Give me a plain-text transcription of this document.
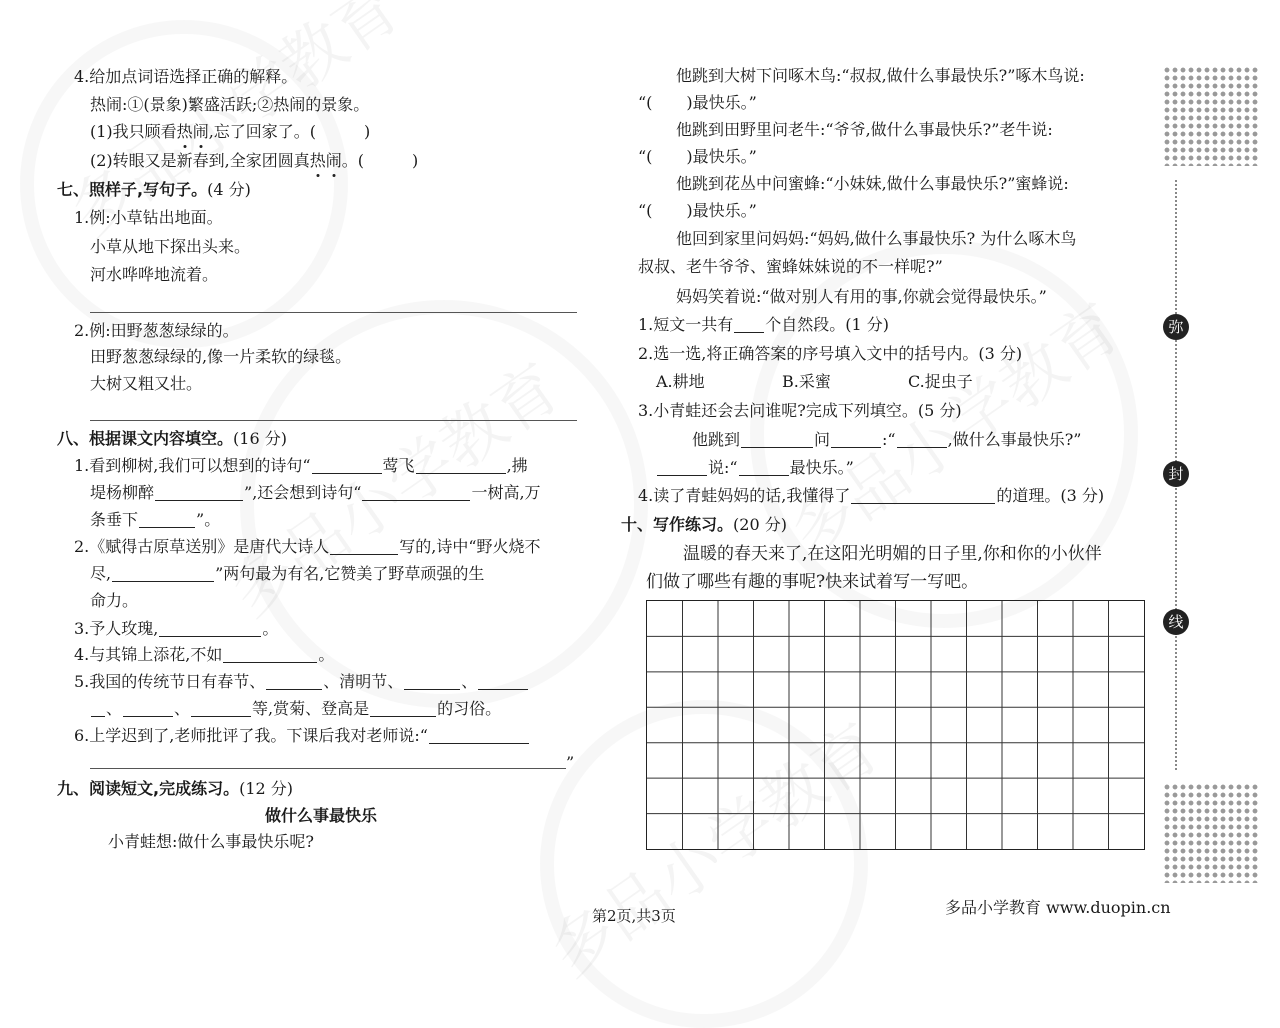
4.给加点词语选择正确的解释。
热闹:①(景象)繁盛活跃;②热闹的景象。
(1)我只顾看热闹,忘了回家了。(	)
(2)转眼又是新春到,全家团圆真热闹。(	)
七、照样子,写句子。(4 分)
1.例:小草钻出地面。
小草从地下探出头来。
河水哗哗地流着。
2.例:田野葱葱绿绿的。
田野葱葱绿绿的,像一片柔软的绿毯。
大树又粗又壮。
八、根据课文内容填空。(16 分)
1.看到柳树,我们可以想到的诗句“	莺飞	,拂
堤杨柳醉	”,还会想到诗句“	一树高,万
条垂下	”。
2.《赋得古原草送别》是唐代大诗人	写的,诗中“野火烧不
尽,	”两句最为有名,它赞美了野草顽强的生
命力。
3.予人玫瑰,	。
4.与其锦上添花,不如	。
5.我国的传统节日有春节、	、清明节、	、
、	、	等,赏菊、登高是	的习俗。
6.上学迟到了,老师批评了我。下课后我对老师说:“
”
九、阅读短文,完成练习。(12 分)
做什么事最快乐
小青蛙想:做什么事最快乐呢?
他跳到大树下问啄木鸟:“叔叔,做什么事最快乐?”啄木鸟说:
“( )最快乐。”
他跳到田野里问老牛:“爷爷,做什么事最快乐?”老牛说:
“( )最快乐。”
他跳到花丛中问蜜蜂:“小妹妹,做什么事最快乐?”蜜蜂说:
“( )最快乐。”
他回到家里问妈妈:“妈妈,做什么事最快乐? 为什么啄木鸟
叔叔、老牛爷爷、蜜蜂妹妹说的不一样呢?”
妈妈笑着说:“做对别人有用的事,你就会觉得最快乐。”
1.短文一共有 个自然段。(1 分)
2.选一选,将正确答案的序号填入文中的括号内。(3 分)
A.耕地	B.采蜜	C.捉虫子
3.小青蛙还会去问谁呢?完成下列填空。(5 分)
他跳到	问	:“	,做什么事最快乐?”
说:“	最快乐。”
4.读了青蛙妈妈的话,我懂得了	的道理。(3 分)
十、写作练习。(20 分)
温暖的春天来了,在这阳光明媚的日子里,你和你的小伙伴
们做了哪些有趣的事呢?快来试着写一写吧。
弥
封
线
第2页,共3页	多品小学教育 www.duopin.cn
